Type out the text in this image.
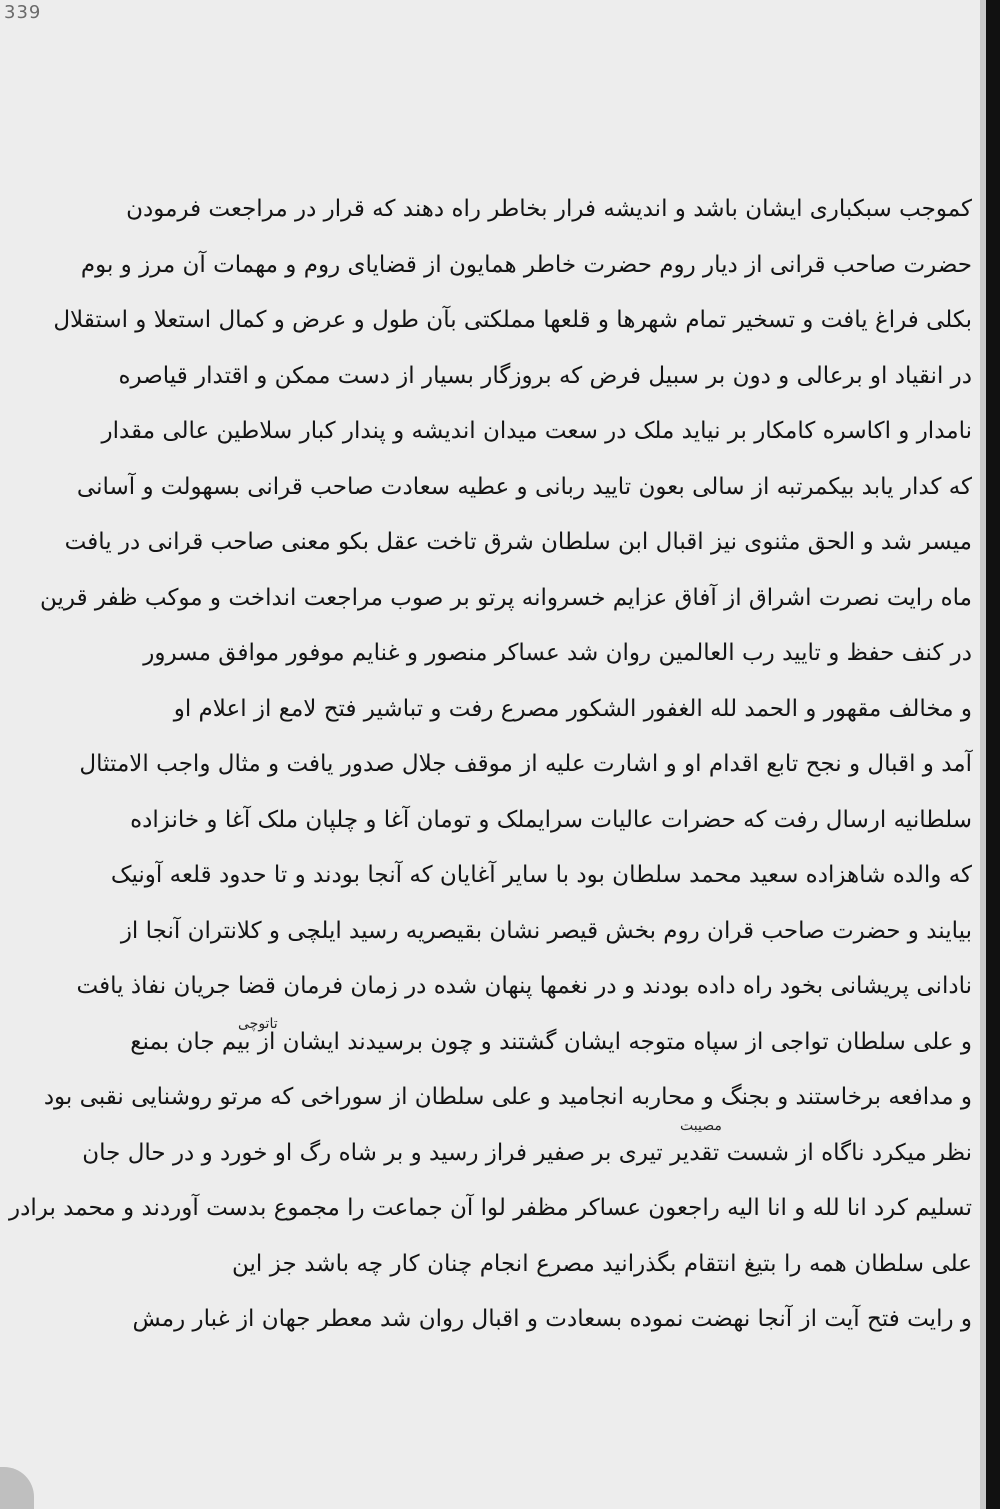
339
کموجب سبکباری ایشان باشد و اندیشه فرار بخاطر راه دهند که قرار در مراجعت فرمودن
حضرت صاحب قرانی از دیار روم حضرت خاطر همایون از قضایای روم و مهمات آن مرز و بوم
بکلی فراغ یافت و تسخیر تمام شهرها و قلعها مملکتی بآن طول و عرض و کمال استعلا و استقلال
در انقیاد او برعالی و دون بر سبیل فرض که بروزگار بسیار از دست ممکن و اقتدار قیاصره
نامدار و اکاسره کامکار بر نیاید ملک در سعت میدان اندیشه و پندار کبار سلاطین عالی مقدار
که کدار یابد بیکمرتبه از سالی بعون تایید ربانی و عطیه سعادت صاحب قرانی بسهولت و آسانی
میسر شد و الحق مثنوی نیز اقبال ابن سلطان شرق تاخت عقل بکو معنی صاحب قرانی در یافت
ماه رایت نصرت اشراق از آفاق عزایم خسروانه پرتو بر صوب مراجعت انداخت و موکب ظفر قرین
در کنف حفظ و تایید رب العالمین روان شد عساکر منصور و غنایم موفور موافق مسرور
و مخالف مقهور و الحمد لله الغفور الشکور مصرع رفت و تباشیر فتح لامع از اعلام او
آمد و اقبال و نجح تابع اقدام او و اشارت علیه از موقف جلال صدور یافت و مثال واجب الامتثال
سلطانیه ارسال رفت که حضرات عالیات سرایملک و تومان آغا و چلپان ملک آغا و خانزاده
که والده شاهزاده سعید محمد سلطان بود با سایر آغایان که آنجا بودند و تا حدود قلعه آونیک
بیایند و حضرت صاحب قران روم بخش قیصر نشان بقیصریه رسید ایلچی و کلانتران آنجا از
نادانی پریشانی بخود راه داده بودند و در نغمها پنهان شده در زمان فرمان قضا جریان نفاذ یافت
و علی سلطان تواجی از سپاه متوجه ایشان گشتند و چون برسیدند ایشان از بیم جان بمنع
و مدافعه برخاستند و بجنگ و محاربه انجامید و علی سلطان از سوراخی که مرتو روشنایی نقبی بود
نظر میکرد ناگاه از شست تقدیر تیری بر صفیر فراز رسید و بر شاه رگ او خورد و در حال جان
تسلیم کرد انا لله و انا الیه راجعون عساکر مظفر لوا آن جماعت را مجموع بدست آوردند و محمد برادر
علی سلطان همه را بتیغ انتقام بگذرانید مصرع انجام چنان کار چه باشد جز این
و رایت فتح آیت از آنجا نهضت نموده بسعادت و اقبال روان شد معطر جهان از غبار رمش
تاتوچی
مصیبت
